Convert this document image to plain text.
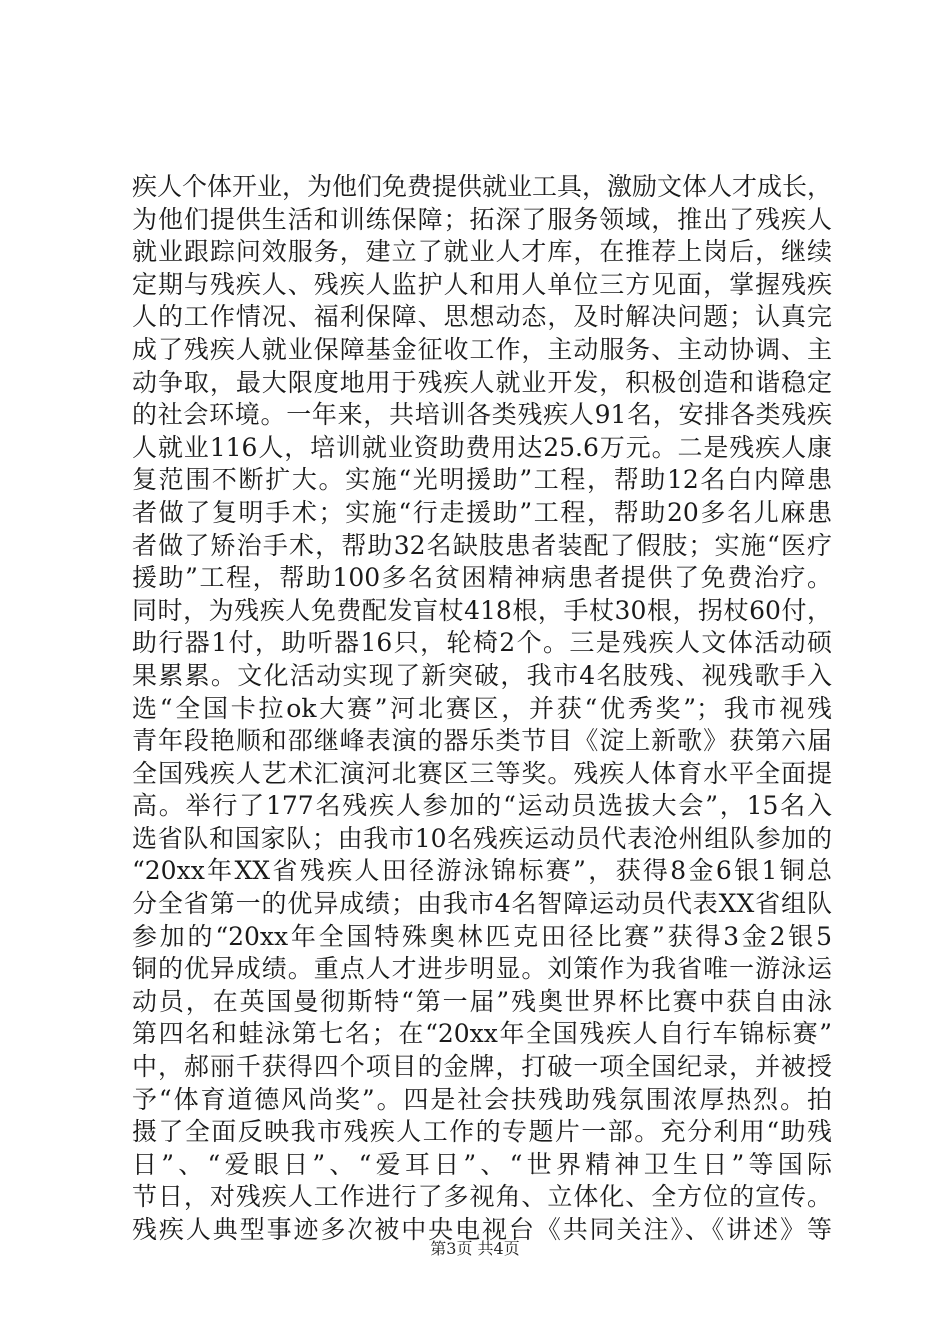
疾人个体开业，为他们免费提供就业工具，激励文体人才成长，
为他们提供生活和训练保障；拓深了服务领域，推出了残疾人
就业跟踪问效服务，建立了就业人才库，在推荐上岗后，继续
定期与残疾人、残疾人监护人和用人单位三方见面，掌握残疾
人的工作情况、福利保障、思想动态，及时解决问题；认真完
成了残疾人就业保障基金征收工作，主动服务、主动协调、主
动争取，最大限度地用于残疾人就业开发，积极创造和谐稳定
的社会环境。一年来，共培训各类残疾人91名，安排各类残疾
人就业116人，培训就业资助费用达25.6万元。二是残疾人康
复范围不断扩大。实施“光明援助”工程，帮助12名白内障患
者做了复明手术；实施“行走援助”工程，帮助20多名儿麻患
者做了矫治手术，帮助32名缺肢患者装配了假肢；实施“医疗
援助”工程，帮助100多名贫困精神病患者提供了免费治疗。
同时，为残疾人免费配发盲杖418根，手杖30根，拐杖60付，
助行器1付，助听器16只，轮椅2个。三是残疾人文体活动硕
果累累。文化活动实现了新突破，我市4名肢残、视残歌手入
选“全国卡拉ok大赛”河北赛区，并获“优秀奖”；我市视残
青年段艳顺和邵继峰表演的器乐类节目《淀上新歌》获第六届
全国残疾人艺术汇演河北赛区三等奖。残疾人体育水平全面提
高。举行了177名残疾人参加的“运动员选拔大会”，15名入
选省队和国家队；由我市10名残疾运动员代表沧州组队参加的
“20xx年XX省残疾人田径游泳锦标赛”，获得8金6银1铜总
分全省第一的优异成绩；由我市4名智障运动员代表XX省组队
参加的“20xx年全国特殊奥林匹克田径比赛”获得3金2银5
铜的优异成绩。重点人才进步明显。刘策作为我省唯一游泳运
动员，在英国曼彻斯特“第一届”残奥世界杯比赛中获自由泳
第四名和蛙泳第七名；在“20xx年全国残疾人自行车锦标赛”
中，郝丽千获得四个项目的金牌，打破一项全国纪录，并被授
予“体育道德风尚奖”。四是社会扶残助残氛围浓厚热烈。拍
摄了全面反映我市残疾人工作的专题片一部。充分利用“助残
日”、“爱眼日”、“爱耳日”、“世界精神卫生日”等国际
节日，对残疾人工作进行了多视角、立体化、全方位的宣传。
残疾人典型事迹多次被中央电视台《共同关注》、《讲述》等
第3页 共4页
